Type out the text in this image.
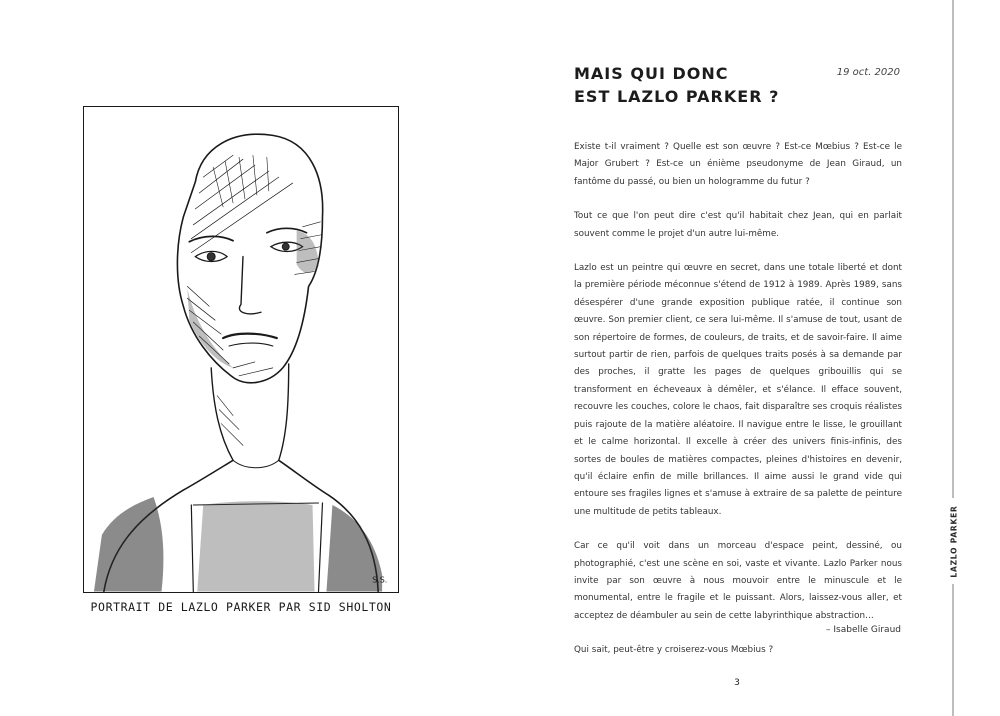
S.S.
PORTRAIT DE LAZLO PARKER PAR SID SHOLTON
MAIS QUI DONC
EST LAZLO PARKER ?
19 oct. 2020

Existe t-il vraiment ? Quelle est son œuvre ? Est-ce Mœbius ? Est-ce le Major Grubert ? Est-ce un énième pseudonyme de Jean Giraud, un fantôme du passé, ou bien un hologramme du futur ?

Tout ce que l'on peut dire c'est qu'il habitait chez Jean, qui en parlait souvent comme le projet d'un autre lui-même.

Lazlo est un peintre qui œuvre en secret, dans une totale liberté et dont la première période méconnue s'étend de 1912 à 1989. Après 1989, sans désespérer d'une grande exposition publique ratée, il continue son œuvre. Son premier client, ce sera lui-même. Il s'amuse de tout, usant de son répertoire de formes, de couleurs, de traits, et de savoir-faire. Il aime surtout partir de rien, parfois de quelques traits posés à sa demande par des proches, il gratte les pages de quelques gribouillis qui se transforment en écheveaux à démêler, et s'élance. Il efface souvent, recouvre les couches, colore le chaos, fait disparaître ses croquis réalistes puis rajoute de la matière aléatoire. Il navigue entre le lisse, le grouillant et le calme horizontal. Il excelle à créer des univers finis-infinis, des sortes de boules de matières compactes, pleines d'histoires en devenir, qu'il éclaire enfin de mille brillances. Il aime aussi le grand vide qui entoure ses fragiles lignes et s'amuse à extraire de sa palette de peinture une multitude de petits tableaux.

Car ce qu'il voit dans un morceau d'espace peint, dessiné, ou photographié, c'est une scène en soi, vaste et vivante. Lazlo Parker nous invite par son œuvre à nous mouvoir entre le minuscule et le monumental, entre le fragile et le puissant. Alors, laissez-vous aller, et acceptez de déambuler au sein de cette labyrinthique abstraction…

Qui sait, peut-être y croiserez-vous Mœbius ?

– Isabelle Giraud
3
LAZLO PARKER
